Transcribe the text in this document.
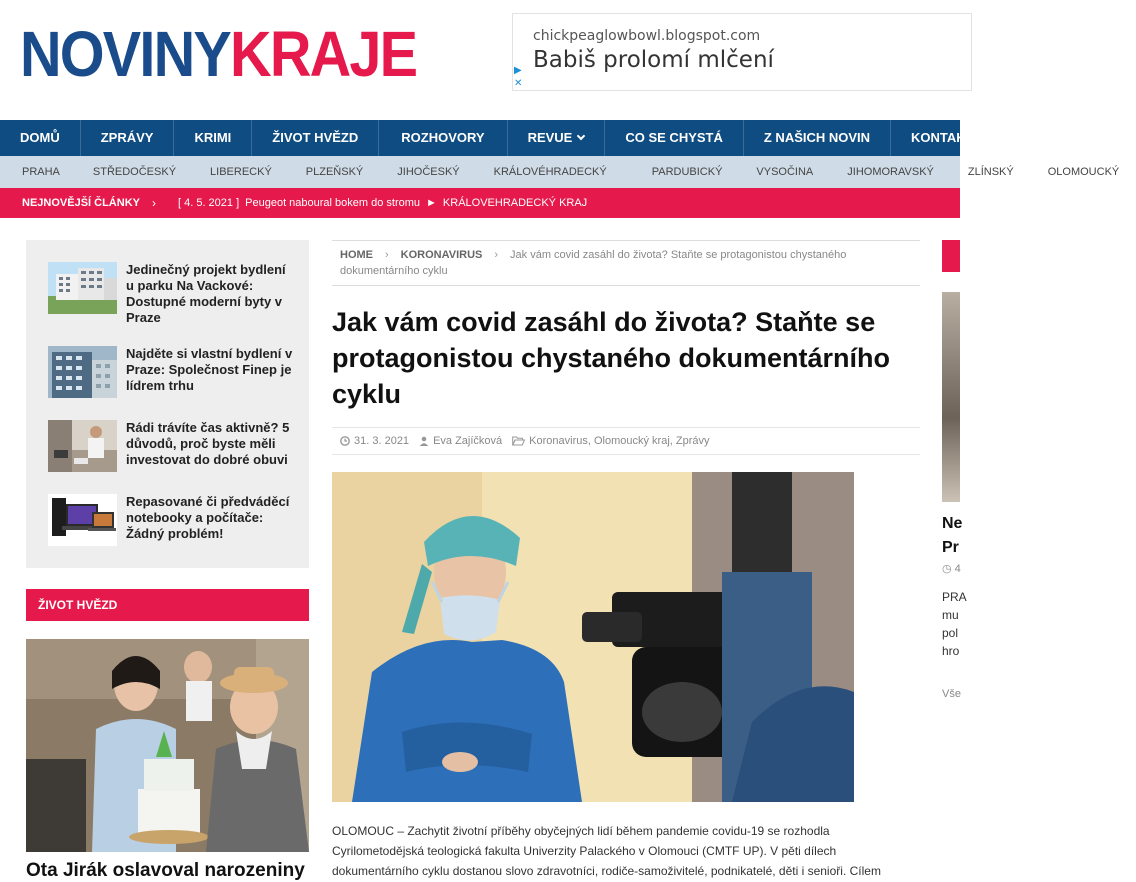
NOVINYKRAJE	chickpeaglowbowl.blogspot.com
Babiš prolomí mlčení
▶
✕
DOMŮ	ZPRÁVY	KRIMI	ŽIVOT HVĚZD	ROZHOVORY	REVUE	CO SE CHYSTÁ	Z NAŠICH NOVIN	KONTAKTY	INZERCE
PRAHA	STŘEDOČESKÝ	LIBERECKÝ	PLZEŇSKÝ	JIHOČESKÝ	KRÁLOVÉHRADECKÝ	PARDUBICKÝ	VYSOČINA	JIHOMORAVSKÝ	ZLÍNSKÝ	OLOMOUCKÝ
NEJNOVĚJŠÍ ČLÁNKY › [ 4. 5. 2021 ] Peugeot naboural bokem do stromu ► KRÁLOVEHRADECKÝ KRAJ
Jedinečný projekt bydlení u parku Na Vackové: Dostupné moderní byty v Praze
Najděte si vlastní bydlení v Praze: Společnost Finep je lídrem trhu
Rádi trávíte čas aktivně? 5 důvodů, proč byste měli investovat do dobré obuvi
Repasované či předváděcí notebooky a počítače: Žádný problém!
ŽIVOT HVĚZD
Ota Jirák oslavoval narozeniny
HOME › KORONAVIRUS › Jak vám covid zasáhl do života? Staňte se protagonistou chystaného dokumentárního cyklu
Jak vám covid zasáhl do života? Staňte se protagonistou chystaného dokumentárního cyklu
31. 3. 2021 Eva Zajíčková Koronavirus, Olomoucký kraj, Zprávy
OLOMOUC – Zachytit životní příběhy obyčejných lidí během pandemie covidu-19 se rozhodla Cyrilometodějská teologická fakulta Univerzity Palackého v Olomouci (CMTF UP). V pěti dílech dokumentárního cyklu dostanou slovo zdravotníci, rodiče-samoživitelé, podnikatelé, děti i senioři. Cílem
Ne
Pr
◷ 4
PRA
mu
pol
hro
Vše
